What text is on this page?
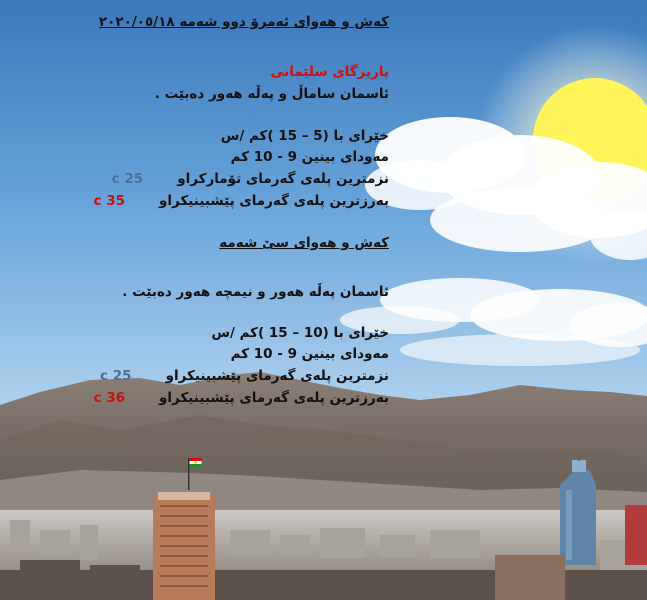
كەش و هەوای ئەمرۆ دوو شەمە ٢٠٢٠/٠٥/١٨
پاریزگای سلێمانی
ئاسمان ساماڵ و پەڵە هەور دەبێت .
خێرای با (5 – 15 )کم /س
مەودای بینین 9 - 10 کم
نزمترین پلەی گەرمای تۆمارکراو25 c
بەرزترین پلەی گەرمای پێشبینیکراو35 c
کەش و هەوای سێ شەمە
ئاسمان پەڵە هەور و نیمچە هەور دەبێت .
خێرای با (10 – 15 )کم /س
مەودای بینین 9 - 10 کم
نزمترین پلەی گەرمای پێشبینیکراو25 c
بەرزترین پلەی گەرمای پێشبینیکراو36 c
